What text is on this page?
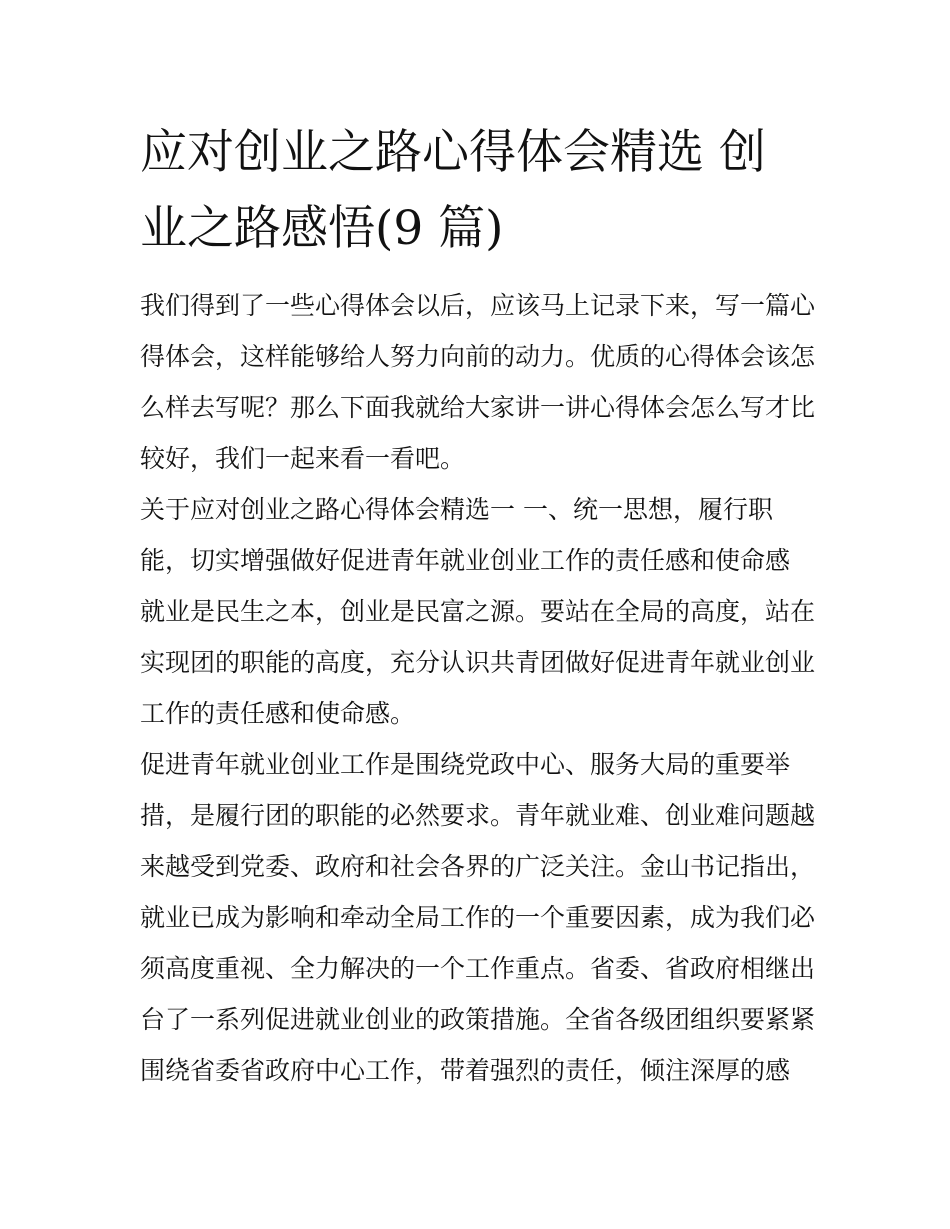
应对创业之路心得体会精选 创
业之路感悟(9 篇)
我们得到了一些心得体会以后，应该马上记录下来，写一篇心
得体会，这样能够给人努力向前的动力。优质的心得体会该怎
么样去写呢？那么下面我就给大家讲一讲心得体会怎么写才比
较好，我们一起来看一看吧。
关于应对创业之路心得体会精选一 一、统一思想，履行职
能，切实增强做好促进青年就业创业工作的责任感和使命感
就业是民生之本，创业是民富之源。要站在全局的高度，站在
实现团的职能的高度，充分认识共青团做好促进青年就业创业
工作的责任感和使命感。
促进青年就业创业工作是围绕党政中心、服务大局的重要举
措，是履行团的职能的必然要求。青年就业难、创业难问题越
来越受到党委、政府和社会各界的广泛关注。金山书记指出，
就业已成为影响和牵动全局工作的一个重要因素，成为我们必
须高度重视、全力解决的一个工作重点。省委、省政府相继出
台了一系列促进就业创业的政策措施。全省各级团组织要紧紧
围绕省委省政府中心工作，带着强烈的责任，倾注深厚的感
